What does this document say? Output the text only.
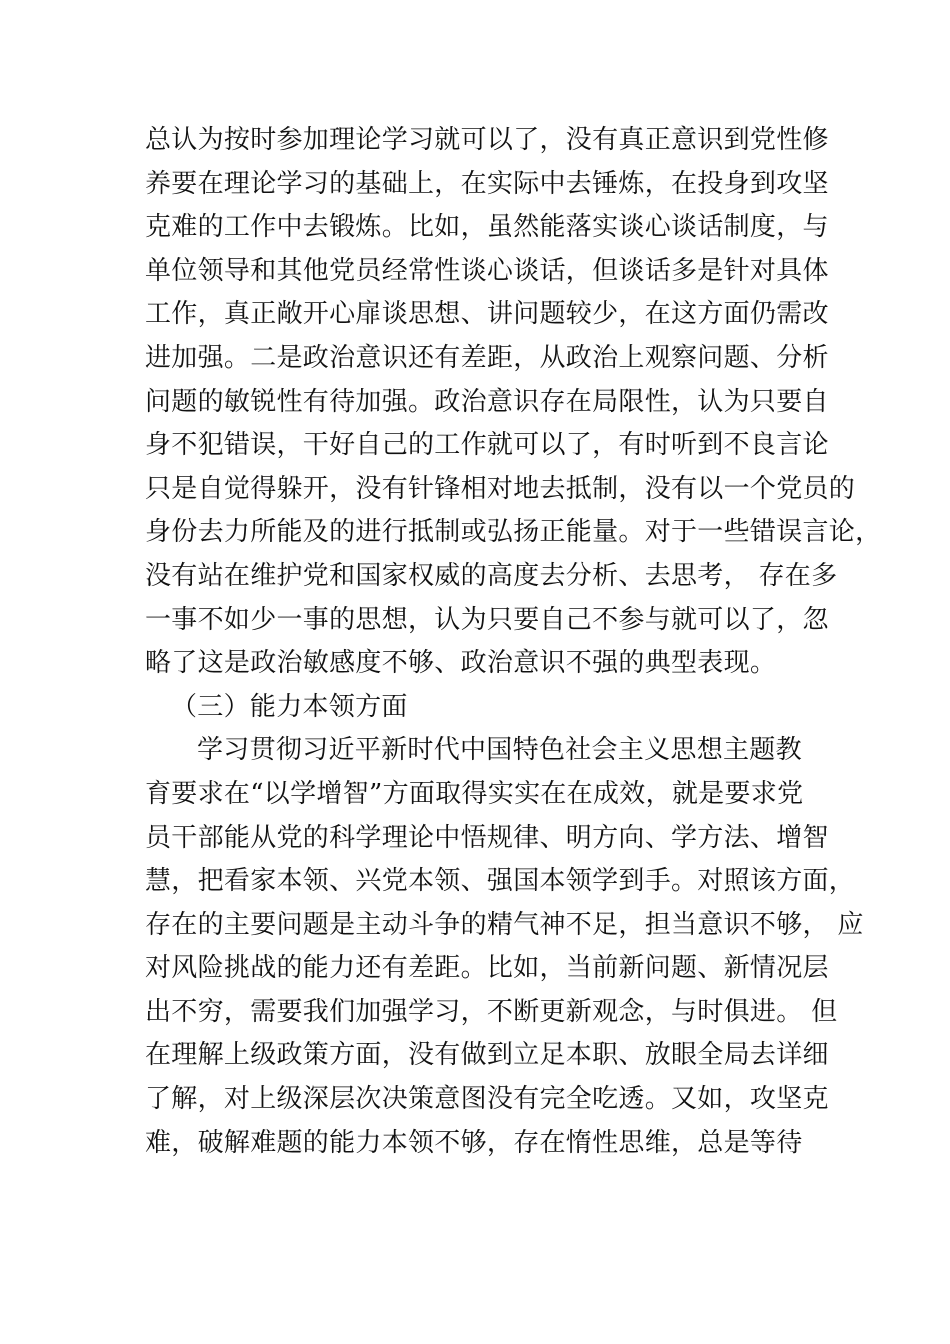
总认为按时参加理论学习就可以了，没有真正意识到党性修
养要在理论学习的基础上，在实际中去锤炼，在投身到攻坚
克难的工作中去锻炼。比如，虽然能落实谈心谈话制度，与
单位领导和其他党员经常性谈心谈话，但谈话多是针对具体
工作，真正敞开心扉谈思想、讲问题较少，在这方面仍需改
进加强。二是政治意识还有差距，从政治上观察问题、分析
问题的敏锐性有待加强。政治意识存在局限性，认为只要自
身不犯错误，干好自己的工作就可以了，有时听到不良言论
只是自觉得躲开，没有针锋相对地去抵制，没有以一个党员的
身份去力所能及的进行抵制或弘扬正能量。对于一些错误言论，
没有站在维护党和国家权威的高度去分析、去思考， 存在多
一事不如少一事的思想，认为只要自己不参与就可以了，忽
略了这是政治敏感度不够、政治意识不强的典型表现。
（三）能力本领方面
学习贯彻习近平新时代中国特色社会主义思想主题教
育要求在“以学增智”方面取得实实在在成效，就是要求党
员干部能从党的科学理论中悟规律、明方向、学方法、增智
慧，把看家本领、兴党本领、强国本领学到手。对照该方面，
存在的主要问题是主动斗争的精气神不足，担当意识不够， 应
对风险挑战的能力还有差距。比如，当前新问题、新情况层
出不穷，需要我们加强学习，不断更新观念，与时俱进。 但
在理解上级政策方面，没有做到立足本职、放眼全局去详细
了解，对上级深层次决策意图没有完全吃透。又如，攻坚克
难，破解难题的能力本领不够，存在惰性思维，总是等待
